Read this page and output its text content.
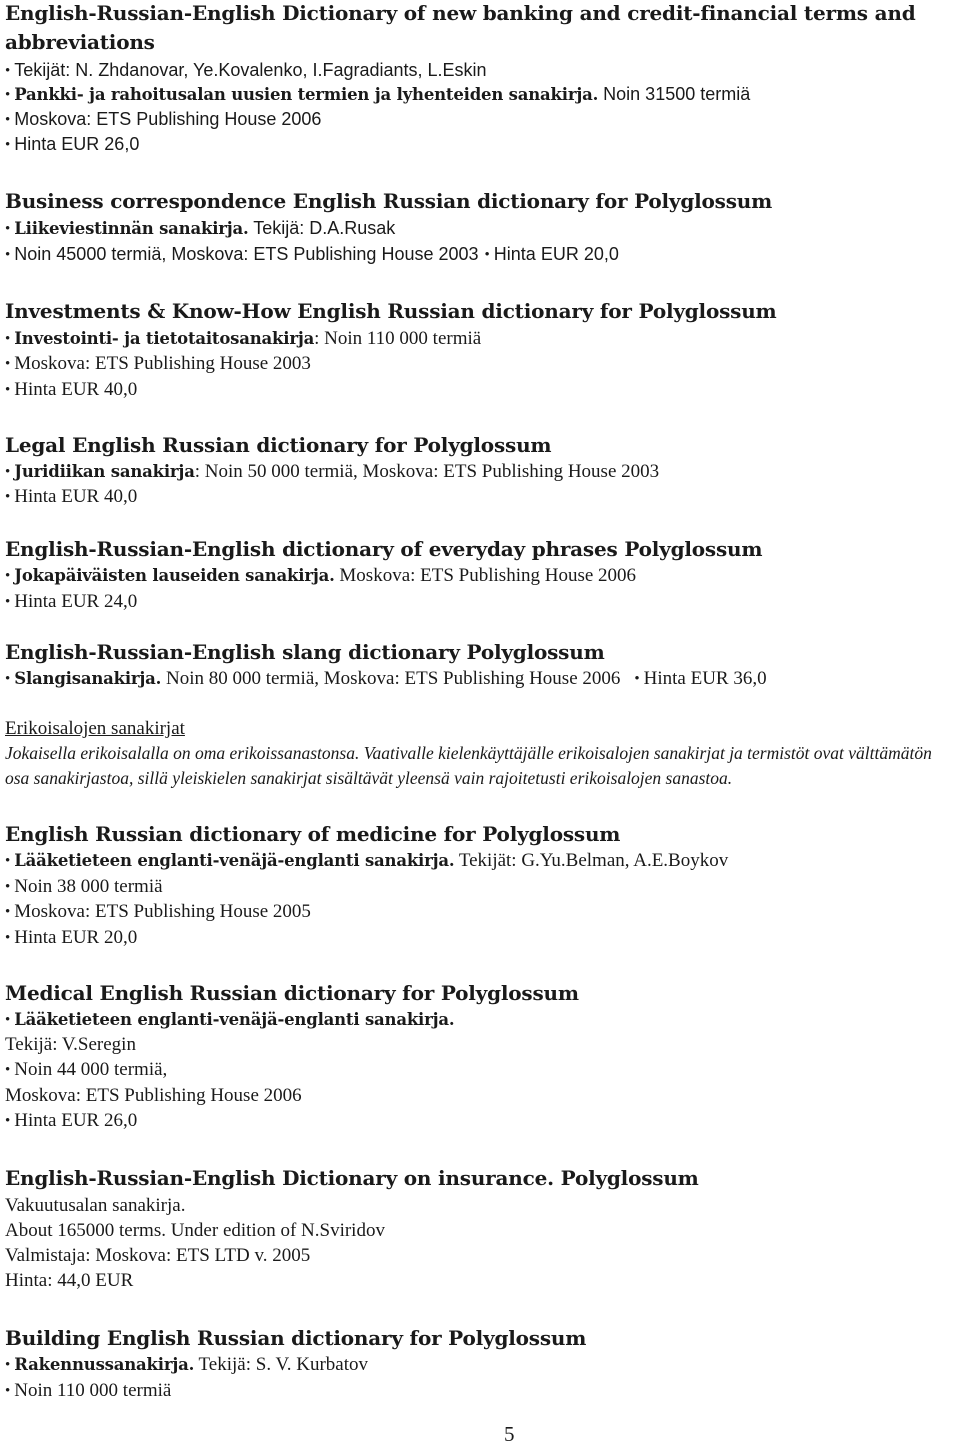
English-Russian-English Dictionary of new banking and credit-financial terms and
abbreviations
• Tekijät: N. Zhdanovar, Ye.Kovalenko, I.Fagradiants, L.Eskin
• Pankki- ja rahoitusalan uusien termien ja lyhenteiden sanakirja. Noin 31500 termiä
• Moskova: ETS Publishing House 2006
• Hinta EUR 26,0
Business correspondence English Russian dictionary for Polyglossum
• Liikeviestinnän sanakirja. Tekijä: D.A.Rusak
• Noin 45000 termiä, Moskova: ETS Publishing House 2003 • Hinta EUR 20,0
Investments & Know-How English Russian dictionary for Polyglossum
• Investointi- ja tietotaitosanakirja: Noin 110 000 termiä
• Moskova: ETS Publishing House 2003
• Hinta EUR 40,0
Legal English Russian dictionary for Polyglossum
• Juridiikan sanakirja: Noin 50 000 termiä, Moskova: ETS Publishing House 2003
• Hinta EUR 40,0
English-Russian-English dictionary of everyday phrases Polyglossum
• Jokapäiväisten lauseiden sanakirja. Moskova: ETS Publishing House 2006
• Hinta EUR 24,0
English-Russian-English slang dictionary Polyglossum
• Slangisanakirja. Noin 80 000 termiä, Moskova: ETS Publishing House 2006 • Hinta EUR 36,0
Erikoisalojen sanakirjat
Jokaisella erikoisalalla on oma erikoissanastonsa. Vaativalle kielenkäyttäjälle erikoisalojen sanakirjat ja termistöt ovat välttämätön osa sanakirjastoa, sillä yleiskielen sanakirjat sisältävät yleensä vain rajoitetusti erikoisalojen sanastoa.
English Russian dictionary of medicine for Polyglossum
• Lääketieteen englanti-venäjä-englanti sanakirja. Tekijät: G.Yu.Belman, A.E.Boykov
• Noin 38 000 termiä
• Moskova: ETS Publishing House 2005
• Hinta EUR 20,0
Medical English Russian dictionary for Polyglossum
• Lääketieteen englanti-venäjä-englanti sanakirja.
Tekijä: V.Seregin
• Noin 44 000 termiä,
Moskova: ETS Publishing House 2006
• Hinta EUR 26,0
English-Russian-English Dictionary on insurance. Polyglossum
Vakuutusalan sanakirja.
About 165000 terms. Under edition of N.Sviridov
Valmistaja: Moskova: ETS LTD v. 2005
Hinta: 44,0 EUR
Building English Russian dictionary for Polyglossum
• Rakennussanakirja. Tekijä: S. V. Kurbatov
• Noin 110 000 termiä
5
